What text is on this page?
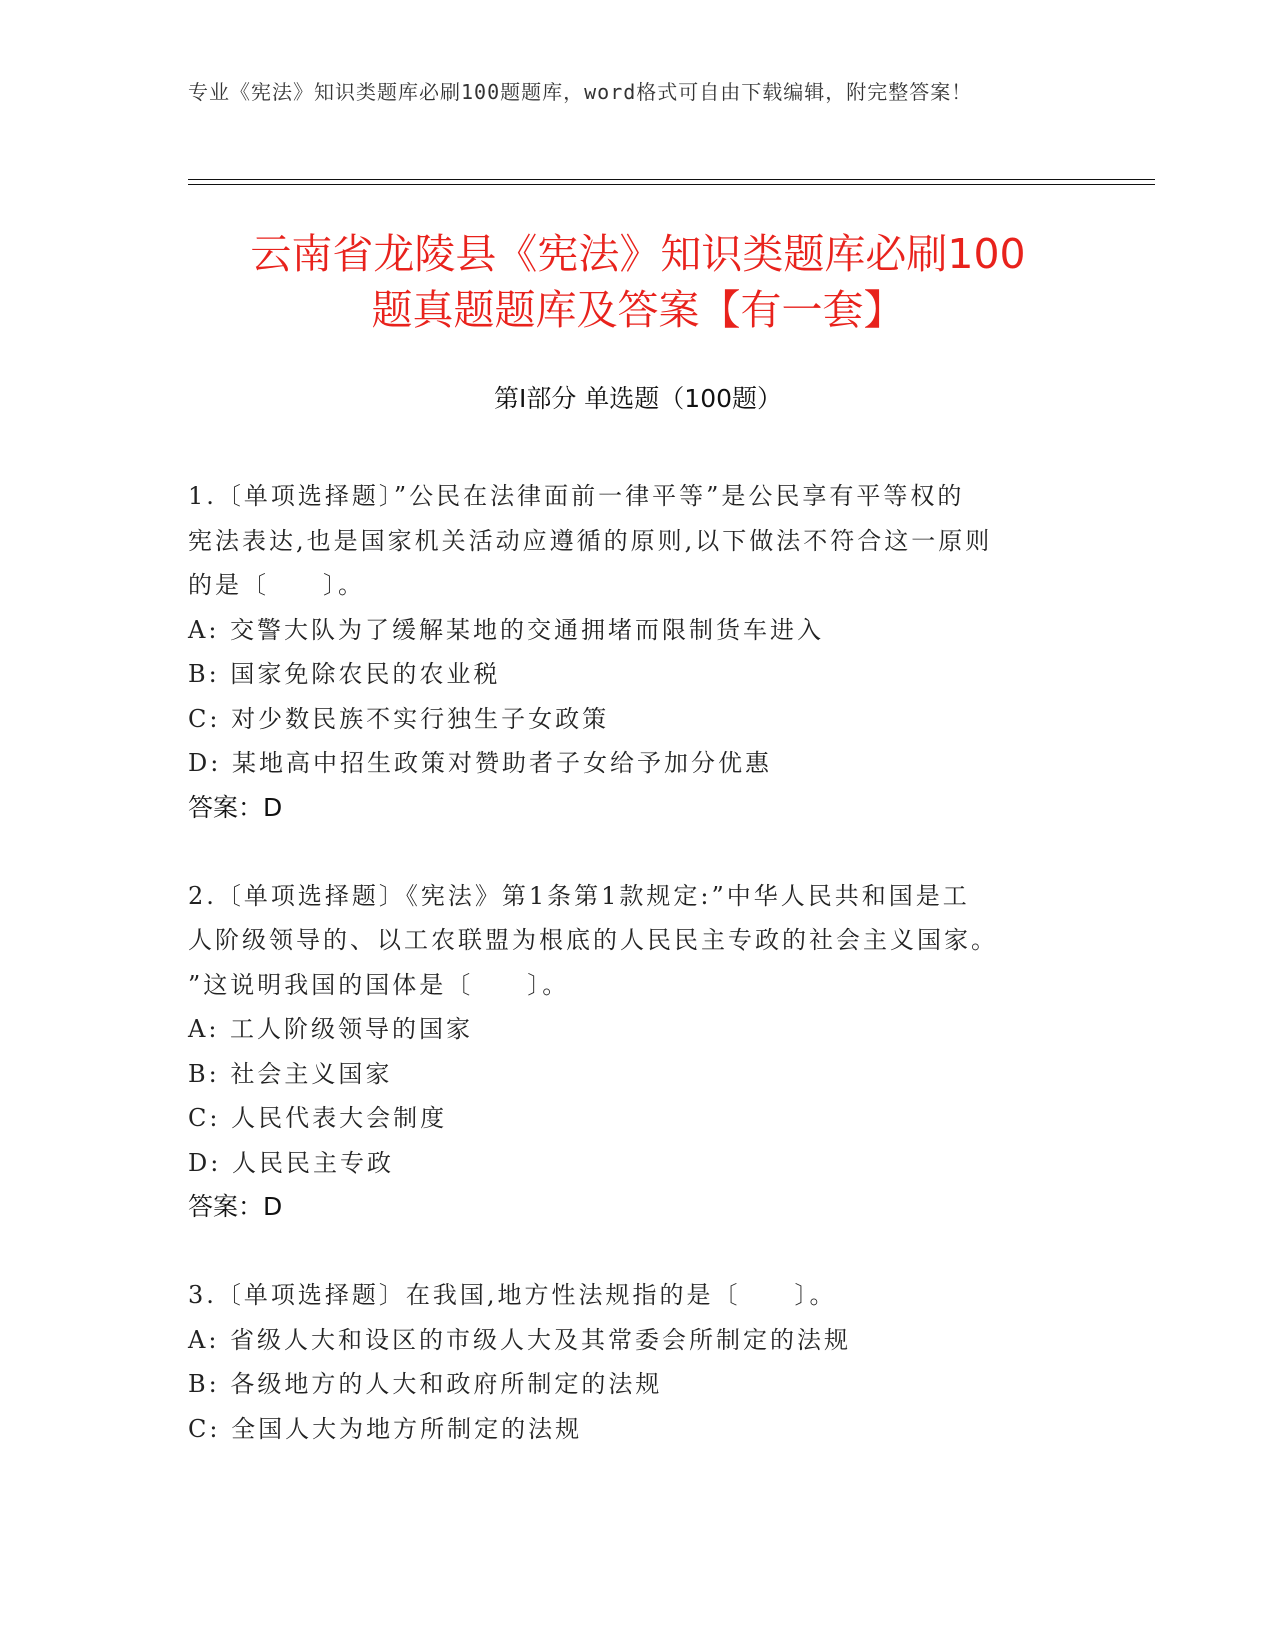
专业《宪法》知识类题库必刷100题题库，word格式可自由下载编辑，附完整答案！
云南省龙陵县《宪法》知识类题库必刷100
题真题题库及答案【有一套】
第Ⅰ部分 单选题（100题）
1.〔单项选择题〕”公民在法律面前一律平等”是公民享有平等权的
宪法表达,也是国家机关活动应遵循的原则,以下做法不符合这一原则
的是〔　　〕。
A: 交警大队为了缓解某地的交通拥堵而限制货车进入
B: 国家免除农民的农业税
C: 对少数民族不实行独生子女政策
D: 某地高中招生政策对赞助者子女给予加分优惠
答案：D
2.〔单项选择题〕《宪法》第1条第1款规定:”中华人民共和国是工
人阶级领导的、以工农联盟为根底的人民民主专政的社会主义国家。
”这说明我国的国体是〔　　〕。
A: 工人阶级领导的国家
B: 社会主义国家
C: 人民代表大会制度
D: 人民民主专政
答案：D
3.〔单项选择题〕在我国,地方性法规指的是〔　　〕。
A: 省级人大和设区的市级人大及其常委会所制定的法规
B: 各级地方的人大和政府所制定的法规
C: 全国人大为地方所制定的法规
